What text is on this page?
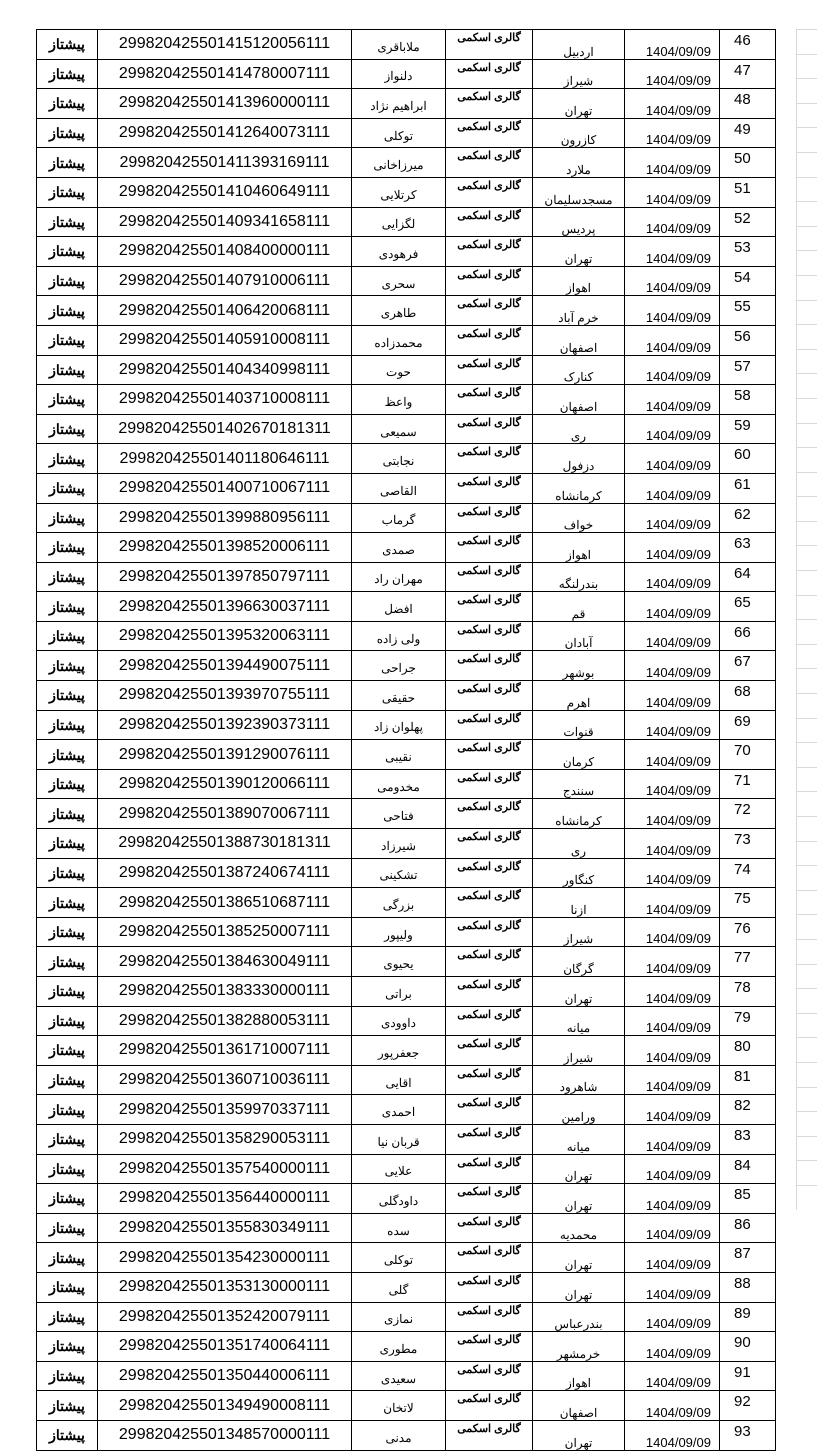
پیشتاز	299820425501415120056111	ملاباقری	گالری اسکمی	اردبیل	1404/09/09	46
پیشتاز	299820425501414780007111	دلنواز	گالری اسکمی	شیراز	1404/09/09	47
پیشتاز	299820425501413960000111	ابراهیم نژاد	گالری اسکمی	تهران	1404/09/09	48
پیشتاز	299820425501412640073111	توکلی	گالری اسکمی	کازرون	1404/09/09	49
پیشتاز	299820425501411393169111	میرزاخانی	گالری اسکمی	ملارد	1404/09/09	50
پیشتاز	299820425501410460649111	کرتلایی	گالری اسکمی	مسجدسلیمان	1404/09/09	51
پیشتاز	299820425501409341658111	لگزایی	گالری اسکمی	پردیس	1404/09/09	52
پیشتاز	299820425501408400000111	فرهودی	گالری اسکمی	تهران	1404/09/09	53
پیشتاز	299820425501407910006111	سحری	گالری اسکمی	اهواز	1404/09/09	54
پیشتاز	299820425501406420068111	طاهری	گالری اسکمی	خرم آباد	1404/09/09	55
پیشتاز	299820425501405910008111	محمدزاده	گالری اسکمی	اصفهان	1404/09/09	56
پیشتاز	299820425501404340998111	حوت	گالری اسکمی	کنارک	1404/09/09	57
پیشتاز	299820425501403710008111	واعظ	گالری اسکمی	اصفهان	1404/09/09	58
پیشتاز	299820425501402670181311	سمیعی	گالری اسکمی	ری	1404/09/09	59
پیشتاز	299820425501401180646111	نجابتی	گالری اسکمی	دزفول	1404/09/09	60
پیشتاز	299820425501400710067111	القاصی	گالری اسکمی	کرمانشاه	1404/09/09	61
پیشتاز	299820425501399880956111	گرماب	گالری اسکمی	خواف	1404/09/09	62
پیشتاز	299820425501398520006111	صمدی	گالری اسکمی	اهواز	1404/09/09	63
پیشتاز	299820425501397850797111	مهران راد	گالری اسکمی	بندرلنگه	1404/09/09	64
پیشتاز	299820425501396630037111	افضل	گالری اسکمی	قم	1404/09/09	65
پیشتاز	299820425501395320063111	ولی زاده	گالری اسکمی	آبادان	1404/09/09	66
پیشتاز	299820425501394490075111	جراحی	گالری اسکمی	بوشهر	1404/09/09	67
پیشتاز	299820425501393970755111	حقیقی	گالری اسکمی	اهرم	1404/09/09	68
پیشتاز	299820425501392390373111	پهلوان زاد	گالری اسکمی	قنوات	1404/09/09	69
پیشتاز	299820425501391290076111	نقیبی	گالری اسکمی	کرمان	1404/09/09	70
پیشتاز	299820425501390120066111	مخدومی	گالری اسکمی	سنندج	1404/09/09	71
پیشتاز	299820425501389070067111	فتاحی	گالری اسکمی	کرمانشاه	1404/09/09	72
پیشتاز	299820425501388730181311	شیرزاد	گالری اسکمی	ری	1404/09/09	73
پیشتاز	299820425501387240674111	تشکینی	گالری اسکمی	کنگاور	1404/09/09	74
پیشتاز	299820425501386510687111	بزرگی	گالری اسکمی	ازنا	1404/09/09	75
پیشتاز	299820425501385250007111	ولیپور	گالری اسکمی	شیراز	1404/09/09	76
پیشتاز	299820425501384630049111	یحیوی	گالری اسکمی	گرگان	1404/09/09	77
پیشتاز	299820425501383330000111	براتی	گالری اسکمی	تهران	1404/09/09	78
پیشتاز	299820425501382880053111	داوودی	گالری اسکمی	میانه	1404/09/09	79
پیشتاز	299820425501361710007111	جعفرپور	گالری اسکمی	شیراز	1404/09/09	80
پیشتاز	299820425501360710036111	اقایی	گالری اسکمی	شاهرود	1404/09/09	81
پیشتاز	299820425501359970337111	احمدی	گالری اسکمی	ورامین	1404/09/09	82
پیشتاز	299820425501358290053111	قربان نیا	گالری اسکمی	میانه	1404/09/09	83
پیشتاز	299820425501357540000111	علایی	گالری اسکمی	تهران	1404/09/09	84
پیشتاز	299820425501356440000111	داودگلی	گالری اسکمی	تهران	1404/09/09	85
پیشتاز	299820425501355830349111	سده	گالری اسکمی	محمدیه	1404/09/09	86
پیشتاز	299820425501354230000111	توکلی	گالری اسکمی	تهران	1404/09/09	87
پیشتاز	299820425501353130000111	گلی	گالری اسکمی	تهران	1404/09/09	88
پیشتاز	299820425501352420079111	نمازی	گالری اسکمی	بندرعباس	1404/09/09	89
پیشتاز	299820425501351740064111	مطوری	گالری اسکمی	خرمشهر	1404/09/09	90
پیشتاز	299820425501350440006111	سعیدی	گالری اسکمی	اهواز	1404/09/09	91
پیشتاز	299820425501349490008111	لاتخان	گالری اسکمی	اصفهان	1404/09/09	92
پیشتاز	299820425501348570000111	مدنی	گالری اسکمی	تهران	1404/09/09	93
